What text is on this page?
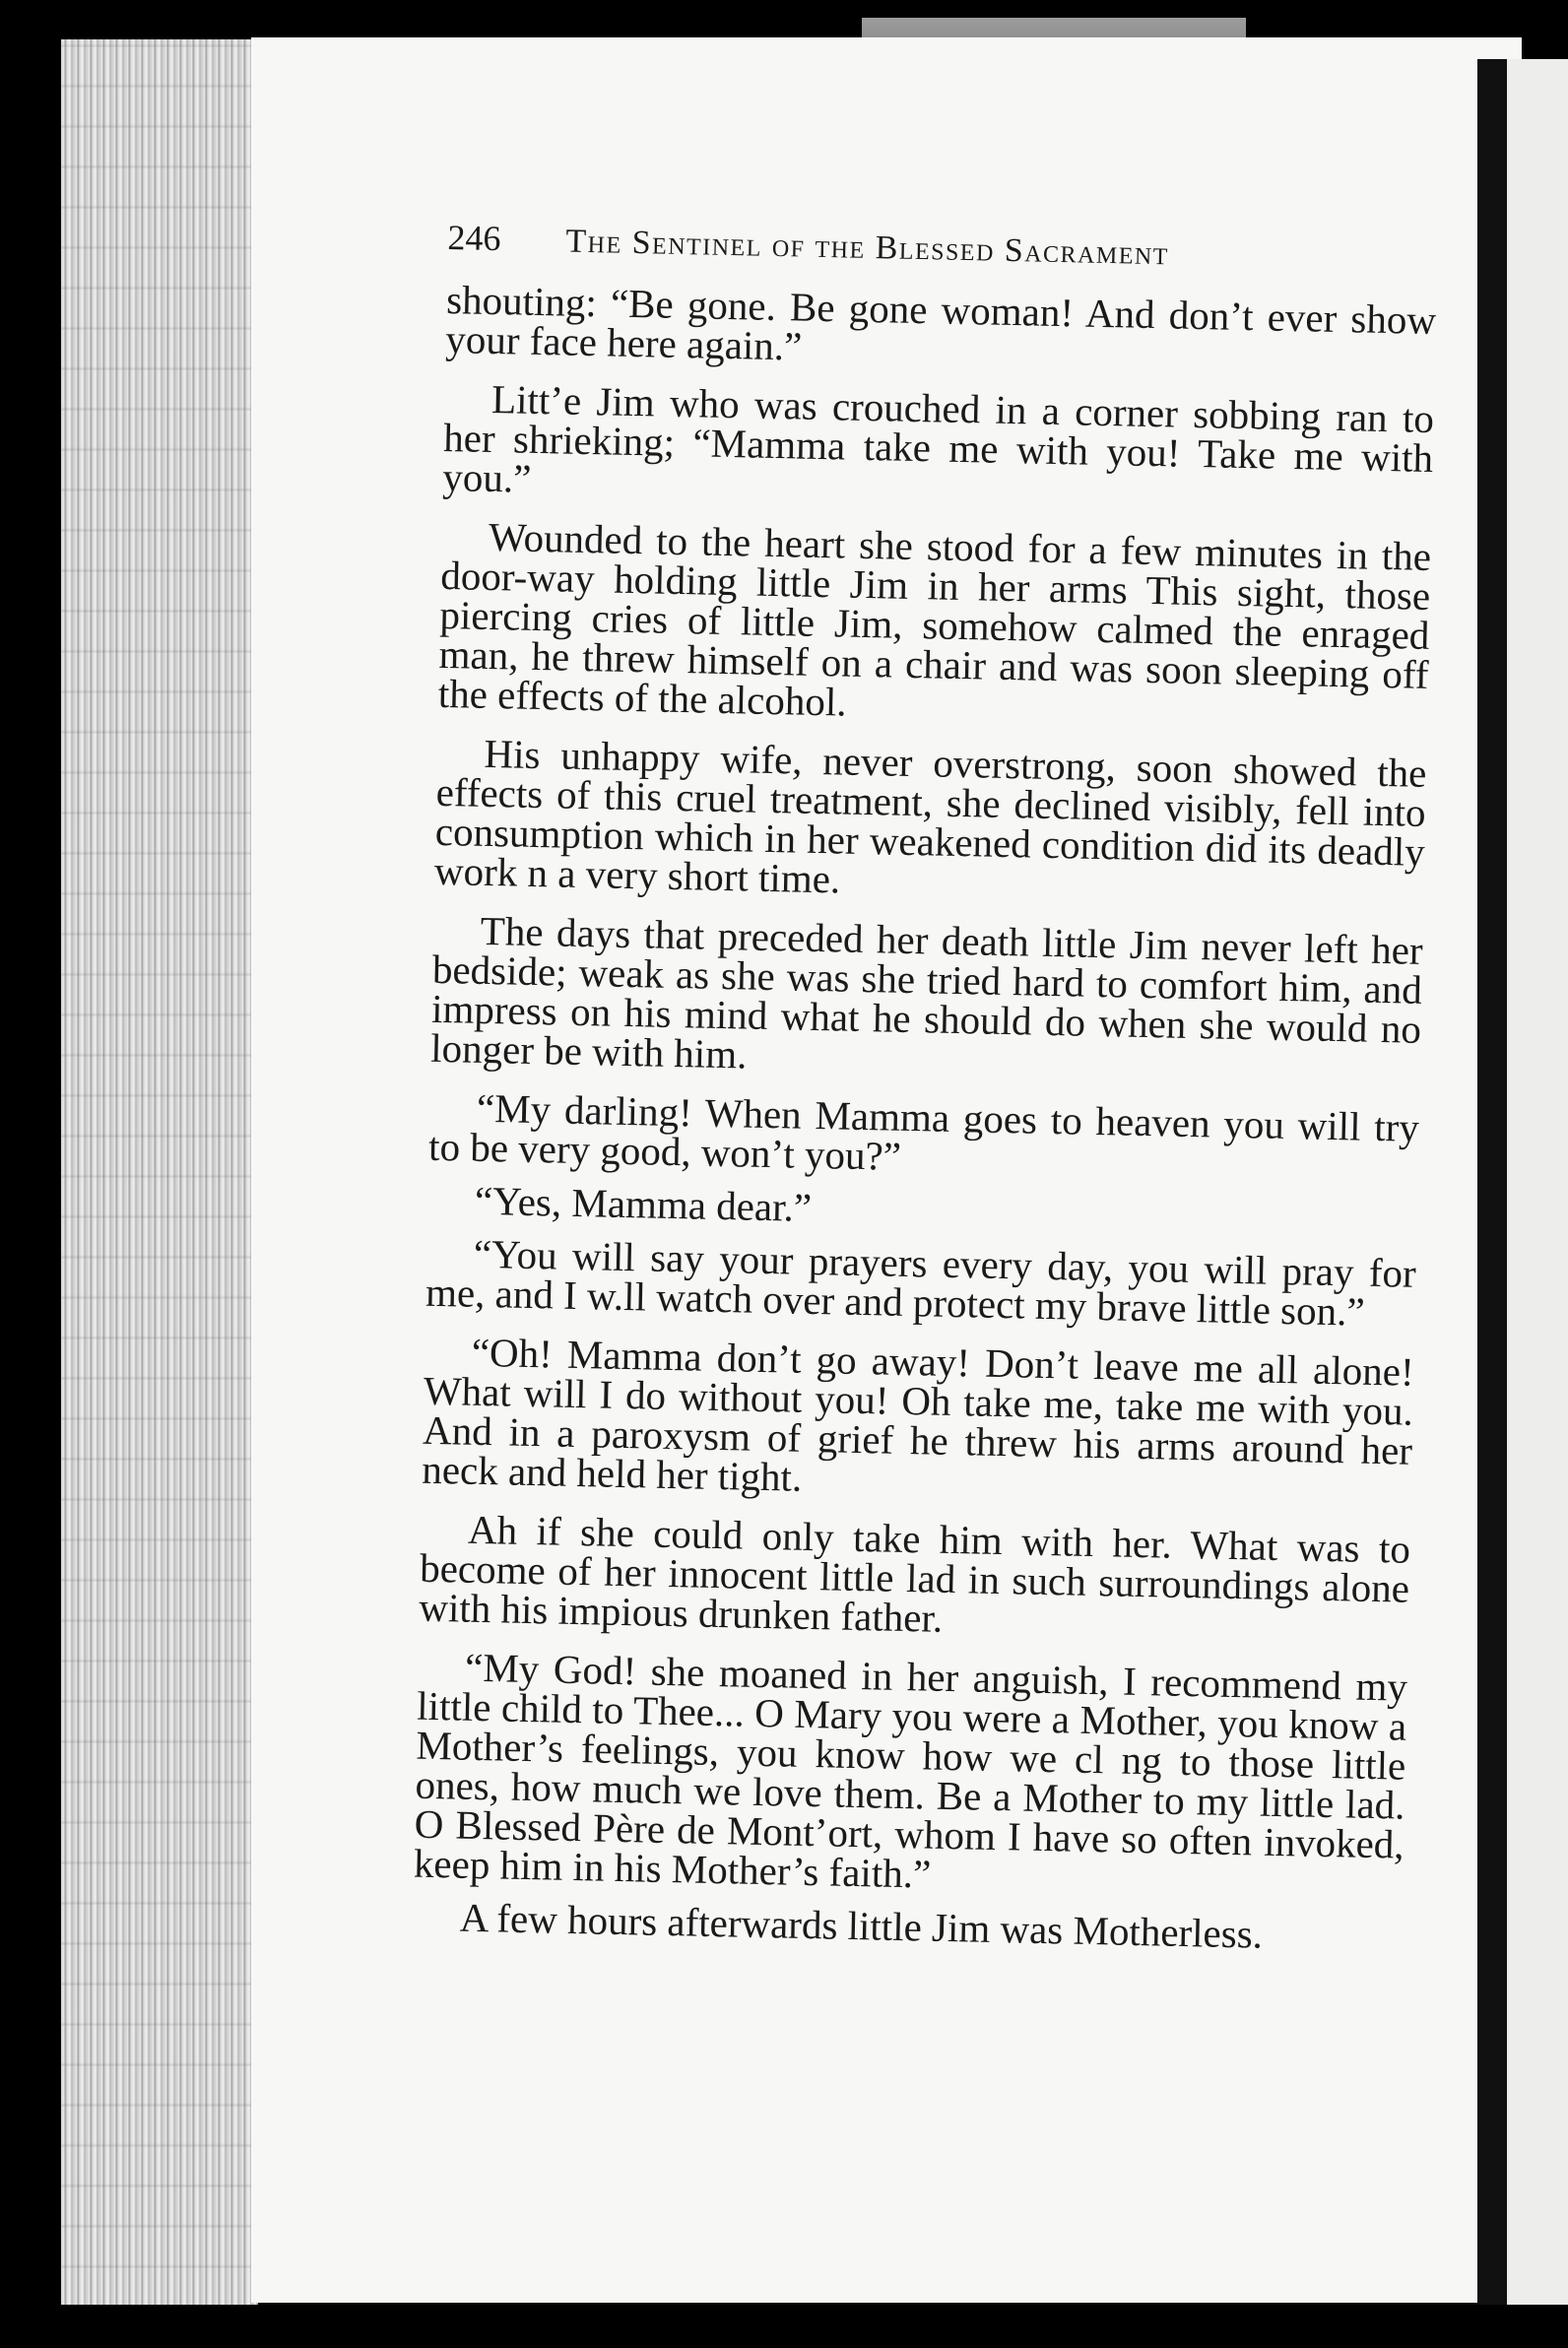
246	The Sentinel of the Blessed Sacrament

shouting: “Be gone. Be gone woman! And don’t ever show your face here again.”

Litt’e Jim who was crouched in a corner sobbing ran to her shrieking; “Mamma take me with you! Take me with you.”

Wounded to the heart she stood for a few minutes in the door-way holding little Jim in her arms This sight, those piercing cries of little Jim, somehow calmed the enraged man, he threw himself on a chair and was soon sleeping off the effects of the alcohol.

His unhappy wife, never overstrong, soon showed the effects of this cruel treatment, she declined visibly, fell into consumption which in her weakened condition did its deadly work n a very short time.

The days that preceded her death little Jim never left her bedside; weak as she was she tried hard to comfort him, and impress on his mind what he should do when she would no longer be with him.

“My darling! When Mamma goes to heaven you will try to be very good, won’t you?”

“Yes, Mamma dear.”

“You will say your prayers every day, you will pray for me, and I w.ll watch over and protect my brave little son.”

“Oh! Mamma don’t go away! Don’t leave me all alone! What will I do without you! Oh take me, take me with you. And in a paroxysm of grief he threw his arms around her neck and held her tight.

Ah if she could only take him with her. What was to become of her innocent little lad in such surroundings alone with his impious drunken father.

“My God! she moaned in her anguish, I recommend my little child to Thee... O Mary you were a Mother, you know a Mother’s feelings, you know how we cl ng to those little ones, how much we love them. Be a Mother to my little lad. O Blessed Père de Mont’ort, whom I have so often invoked, keep him in his Mother’s faith.”

A few hours afterwards little Jim was Motherless.
